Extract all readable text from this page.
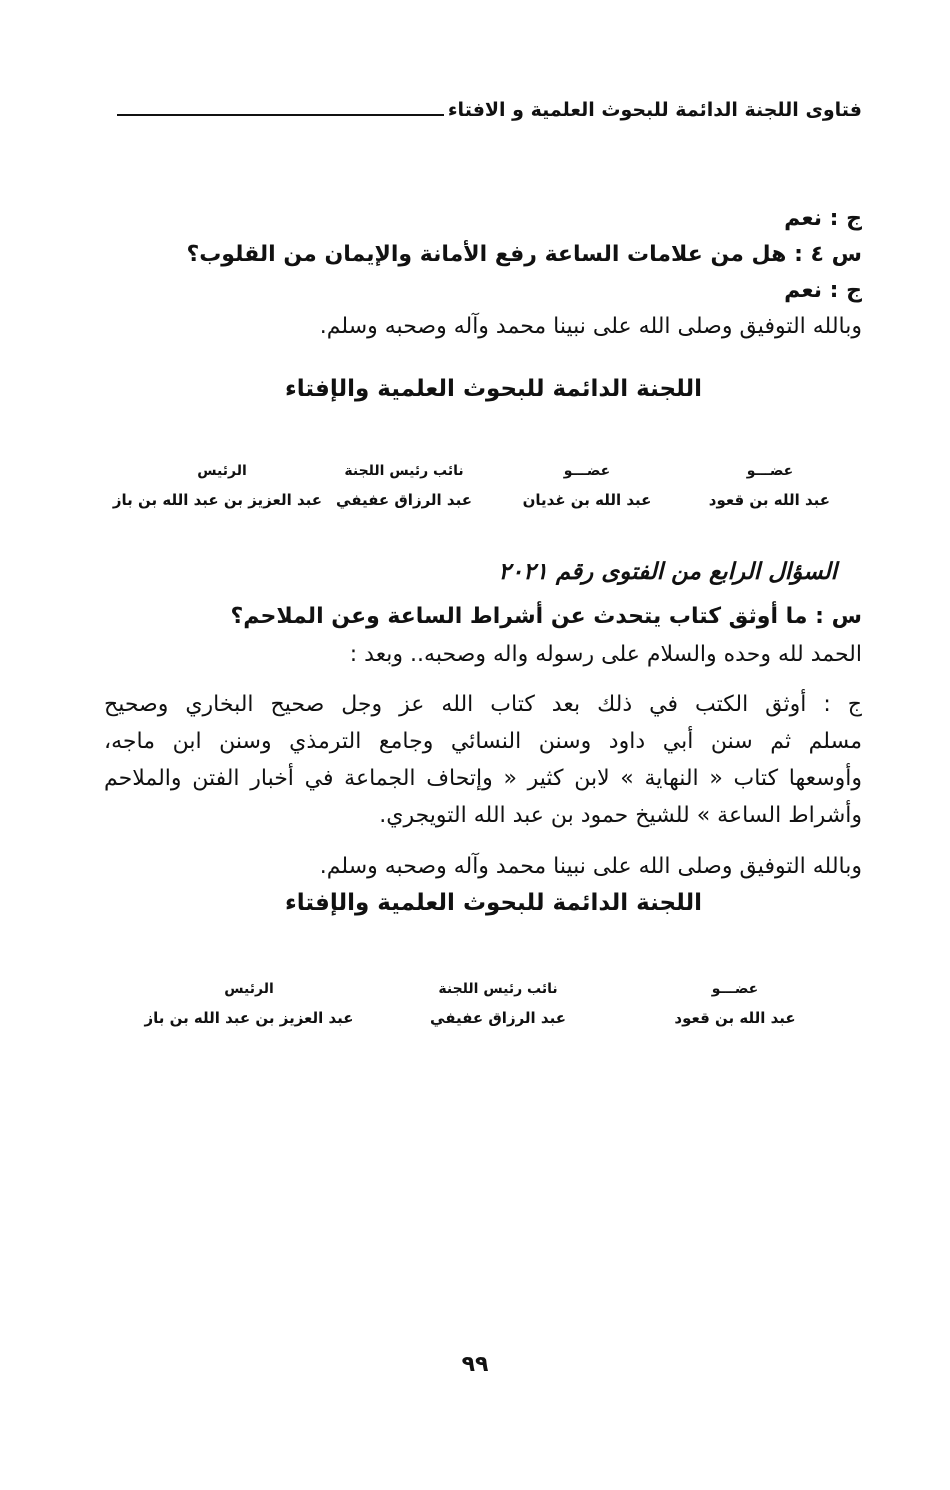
فتاوى اللجنة الدائمة للبحوث العلمية و الافتاء
ج : نعم
س ٤ : هل من علامات الساعة رفع الأمانة والإيمان من القلوب؟
ج : نعم
وبالله التوفيق وصلى الله على نبينا محمد وآله وصحبه وسلم.
اللجنة الدائمة للبحوث العلمية والإفتاء
عضـــو
عبد الله بن قعود
عضـــو
عبد الله بن غديان
نائب رئيس اللجنة
عبد الرزاق عفيفي
الرئيس
عبد العزيز بن عبد الله بن باز
السؤال الرابع من الفتوى رقم ٢٠٢١
س : ما أوثق كتاب يتحدث عن أشراط الساعة وعن الملاحم؟
الحمد لله وحده والسلام على رسوله واله وصحبه.. وبعد :
ج : أوثق الكتب في ذلك بعد كتاب الله عز وجل صحيح البخاري وصحيح
مسلم ثم سنن أبي داود وسنن النسائي وجامع الترمذي وسنن ابن ماجه،
وأوسعها كتاب « النهاية » لابن كثير « وإتحاف الجماعة في أخبار الفتن والملاحم
وأشراط الساعة » للشيخ حمود بن عبد الله التويجري.
وبالله التوفيق وصلى الله على نبينا محمد وآله وصحبه وسلم.
اللجنة الدائمة للبحوث العلمية والإفتاء
عضـــو
عبد الله بن قعود
نائب رئيس اللجنة
عبد الرزاق عفيفي
الرئيس
عبد العزيز بن عبد الله بن باز
٩٩
